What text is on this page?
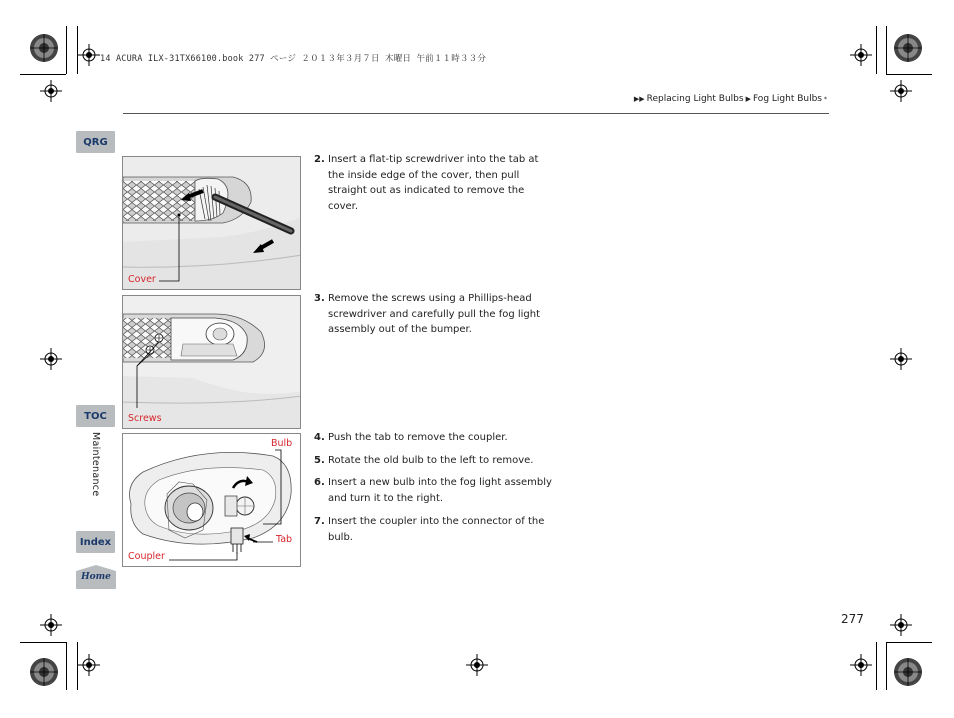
14 ACURA ILX-31TX66100.book 277 ページ ２０１３年３月７日 木曜日 午前１１時３３分
▶▶ Replacing Light Bulbs ▶ Fog Light Bulbs *
QRG
TOC
Maintenance
Index
Home
Cover
Screws
Bulb
Tab
Coupler
2. Insert a flat-tip screwdriver into the tab at the inside edge of the cover, then pull straight out as indicated to remove the cover.
3. Remove the screws using a Phillips-head screwdriver and carefully pull the fog light assembly out of the bumper.
4. Push the tab to remove the coupler.
5. Rotate the old bulb to the left to remove.
6. Insert a new bulb into the fog light assembly and turn it to the right.
7. Insert the coupler into the connector of the bulb.
277
